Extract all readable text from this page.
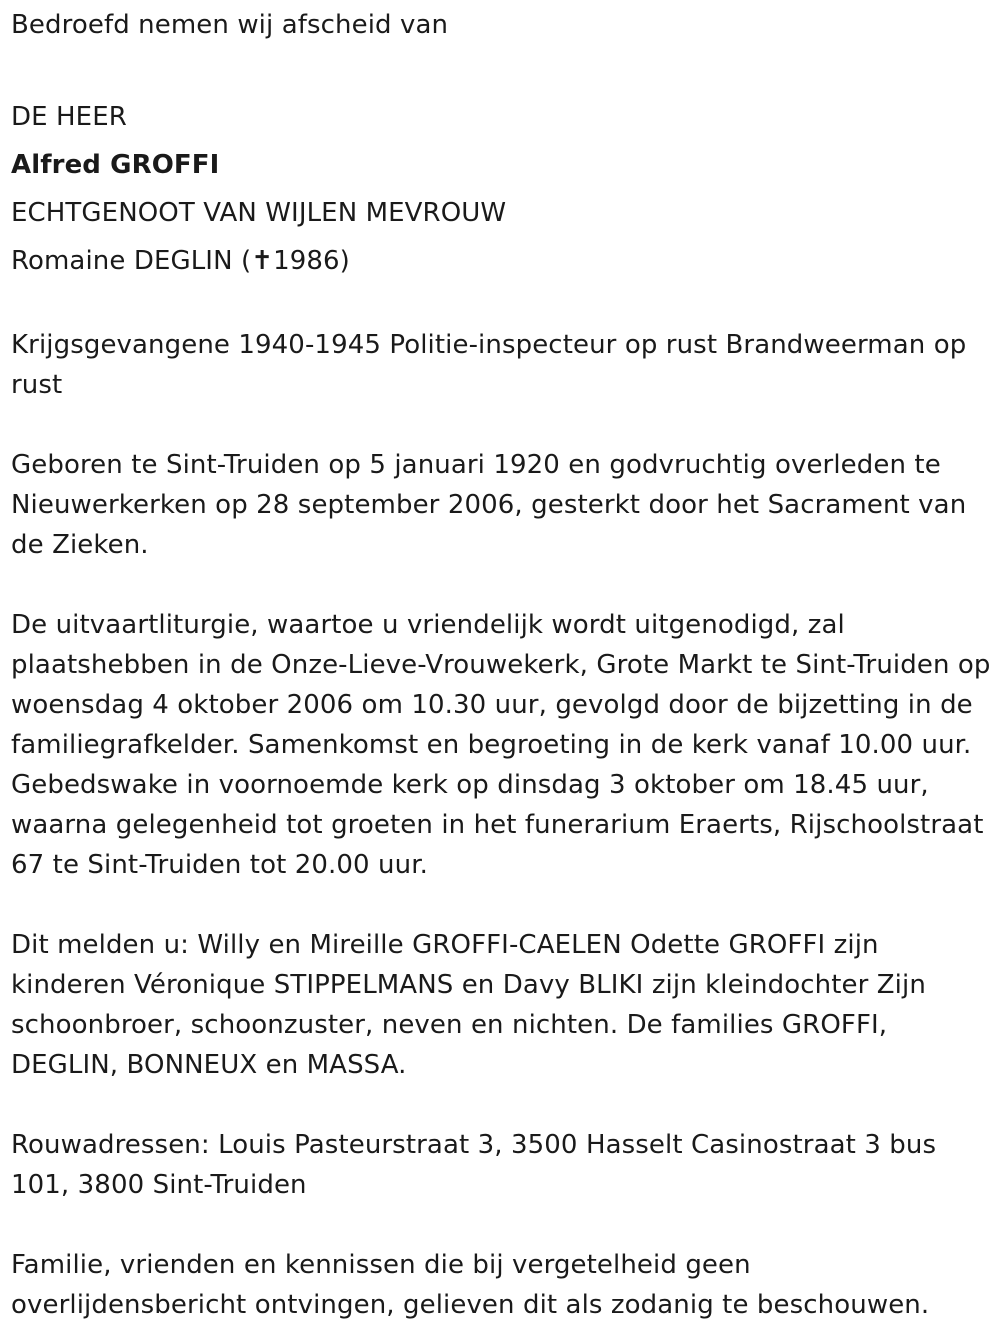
Bedroefd nemen wij afscheid van

DE HEER

Alfred GROFFI

ECHTGENOOT VAN WIJLEN MEVROUW

Romaine DEGLIN (✝1986)

Krijgsgevangene 1940-1945 Politie-inspecteur op rust Brandweerman op rust

Geboren te Sint-Truiden op 5 januari 1920 en godvruchtig overleden te Nieuwerkerken op 28 september 2006, gesterkt door het Sacrament van de Zieken.

De uitvaartliturgie, waartoe u vriendelijk wordt uitgenodigd, zal plaatshebben in de Onze-Lieve-Vrouwekerk, Grote Markt te Sint-Truiden op woensdag 4 oktober 2006 om 10.30 uur, gevolgd door de bijzetting in de familiegrafkelder. Samenkomst en begroeting in de kerk vanaf 10.00 uur. Gebedswake in voornoemde kerk op dinsdag 3 oktober om 18.45 uur, waarna gelegenheid tot groeten in het funerarium Eraerts, Rijschoolstraat 67 te Sint-Truiden tot 20.00 uur.

Dit melden u: Willy en Mireille GROFFI-CAELEN Odette GROFFI zijn kinderen Véronique STIPPELMANS en Davy BLIKI zijn kleindochter Zijn schoonbroer, schoonzuster, neven en nichten. De families GROFFI, DEGLIN, BONNEUX en MASSA.

Rouwadressen: Louis Pasteurstraat 3, 3500 Hasselt Casinostraat 3 bus 101, 3800 Sint-Truiden

Familie, vrienden en kennissen die bij vergetelheid geen overlijdensbericht ontvingen, gelieven dit als zodanig te beschouwen.
